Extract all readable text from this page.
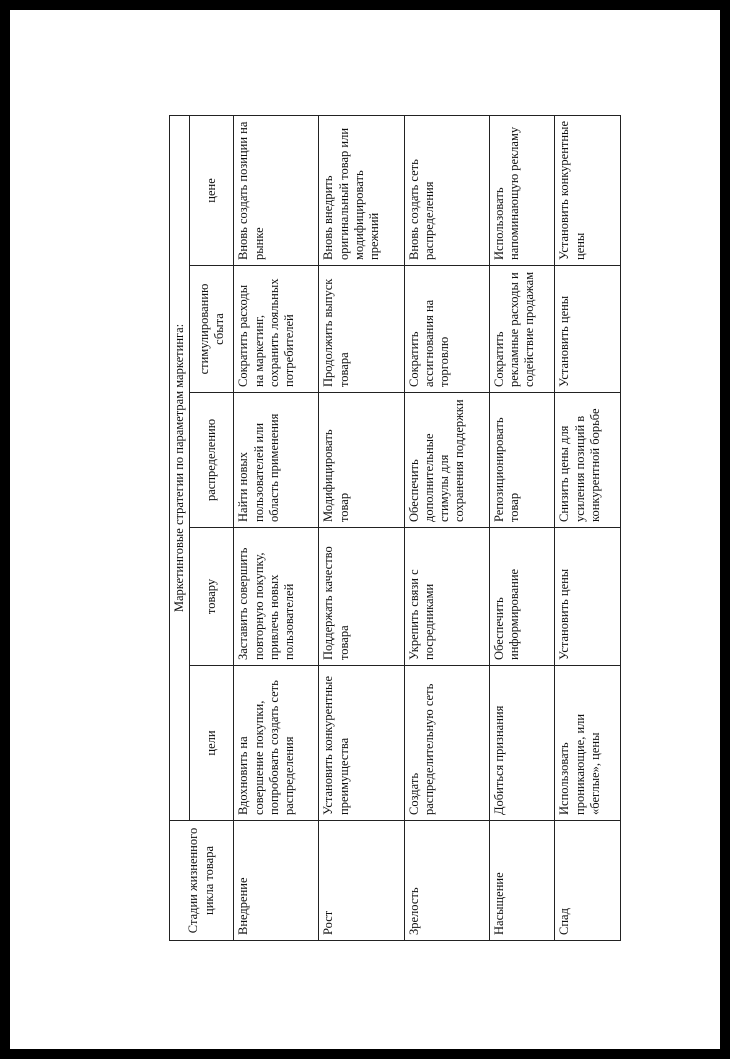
Стадии жизненного цикла товара	Маркетинговые стратегии по параметрам маркетинга:				
	цели	товару	распределению	стимулированию сбыта	цене
Внедрение	Вдохновить на совершение покупки, попробовать создать сеть распределения	Заставить совершить повторную покупку, привлечь новых пользователей	Найти новых пользователей или область применения	Сократить расходы на маркетинг, сохранить лояльных потребителей	Вновь создать позиции на рынке
Рост	Установить конкурентные преимущества	Поддержать качество товара	Модифицировать товар	Продолжить выпуск товара	Вновь внедрить оригинальный товар или модифицировать прежний
Зрелость	Создать распределительную сеть	Укрепить связи с посредниками	Обеспечить дополнительные стимулы для сохранения поддержки	Сократить ассигнования на торговлю	Вновь создать сеть распределения
Насыщение	Добиться признания	Обеспечить информирование	Репозиционировать товар	Сократить рекламные расходы и содействие продажам	Использовать напоминающую рекламу
Спад	Использовать проникающие, или «беглые», цены	Установить цены	Снизить цены для усиления позиций в конкурентной борьбе	Установить цены	Установить конкурентные цены
